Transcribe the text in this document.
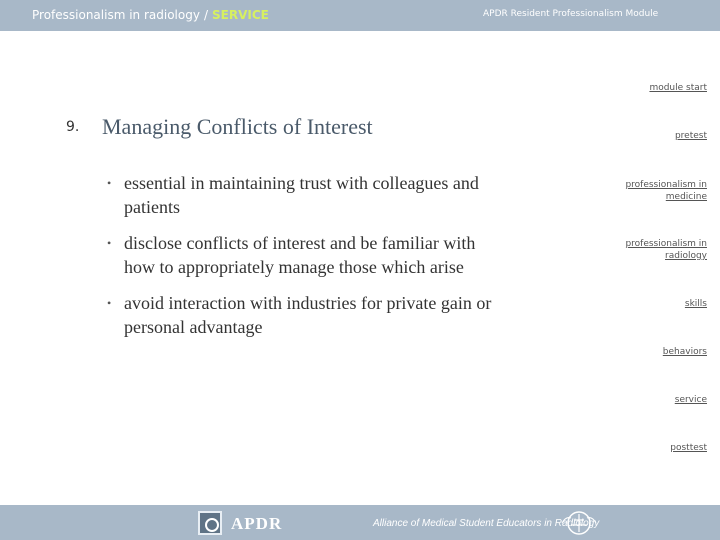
Professionalism in radiology / SERVICE	APDR Resident Professionalism Module
module start
pretest
professionalism in medicine
professionalism in radiology
skills
behaviors
service
posttest
9. Managing Conflicts of Interest
• essential in maintaining trust with colleagues and patients
• disclose conflicts of interest and be familiar with how to appropriately manage those which arise
• avoid interaction with industries for private gain or personal advantage
APDR	Alliance of Medical Student Educators in Radiology
